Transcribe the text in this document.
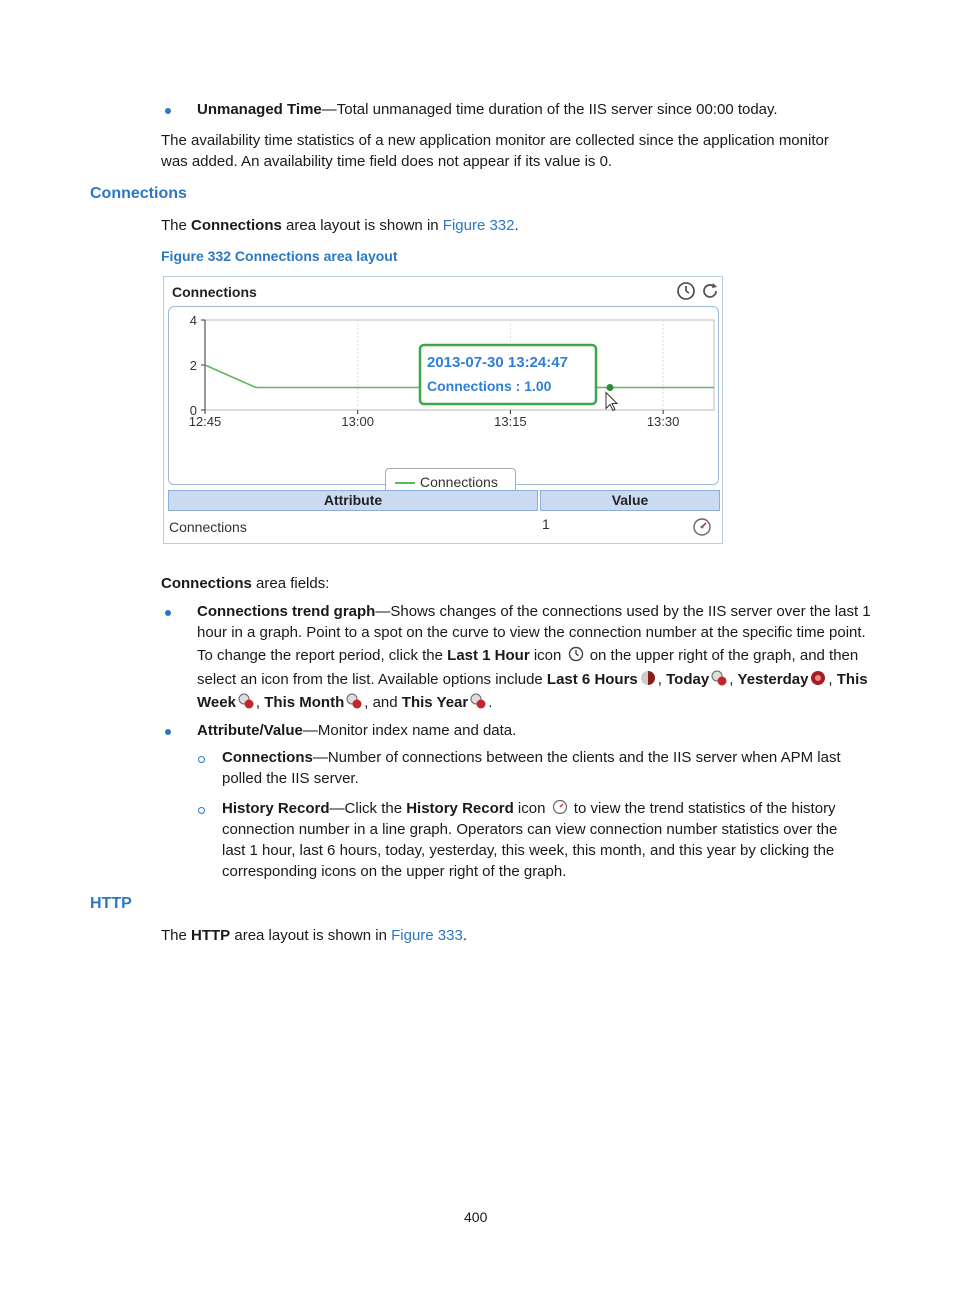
Unmanaged Time—Total unmanaged time duration of the IIS server since 00:00 today.
The availability time statistics of a new application monitor are collected since the application monitor
was added. An availability time field does not appear if its value is 0.
Connections
The Connections area layout is shown in Figure 332.
Figure 332 Connections area layout
Connections
12:45	13:00	13:15	13:30
0
2
4
2013-07-30 13:24:47
Connections : 1.00
Connections
Attribute	Value
Connections	1
Connections area fields:
Connections trend graph—Shows changes of the connections used by the IIS server over the last 1
hour in a graph. Point to a spot on the curve to view the connection number at the specific time point.
To change the report period, click the Last 1 Hour icon  on the upper right of the graph, and then
select an icon from the list. Available options include Last 6 Hours , Today , Yesterday , This
Week , This Month , and This Year .
Attribute/Value—Monitor index name and data.
Connections—Number of connections between the clients and the IIS server when APM last
polled the IIS server.
History Record—Click the History Record icon  to view the trend statistics of the history
connection number in a line graph. Operators can view connection number statistics over the
last 1 hour, last 6 hours, today, yesterday, this week, this month, and this year by clicking the
corresponding icons on the upper right of the graph.
HTTP
The HTTP area layout is shown in Figure 333.
400
